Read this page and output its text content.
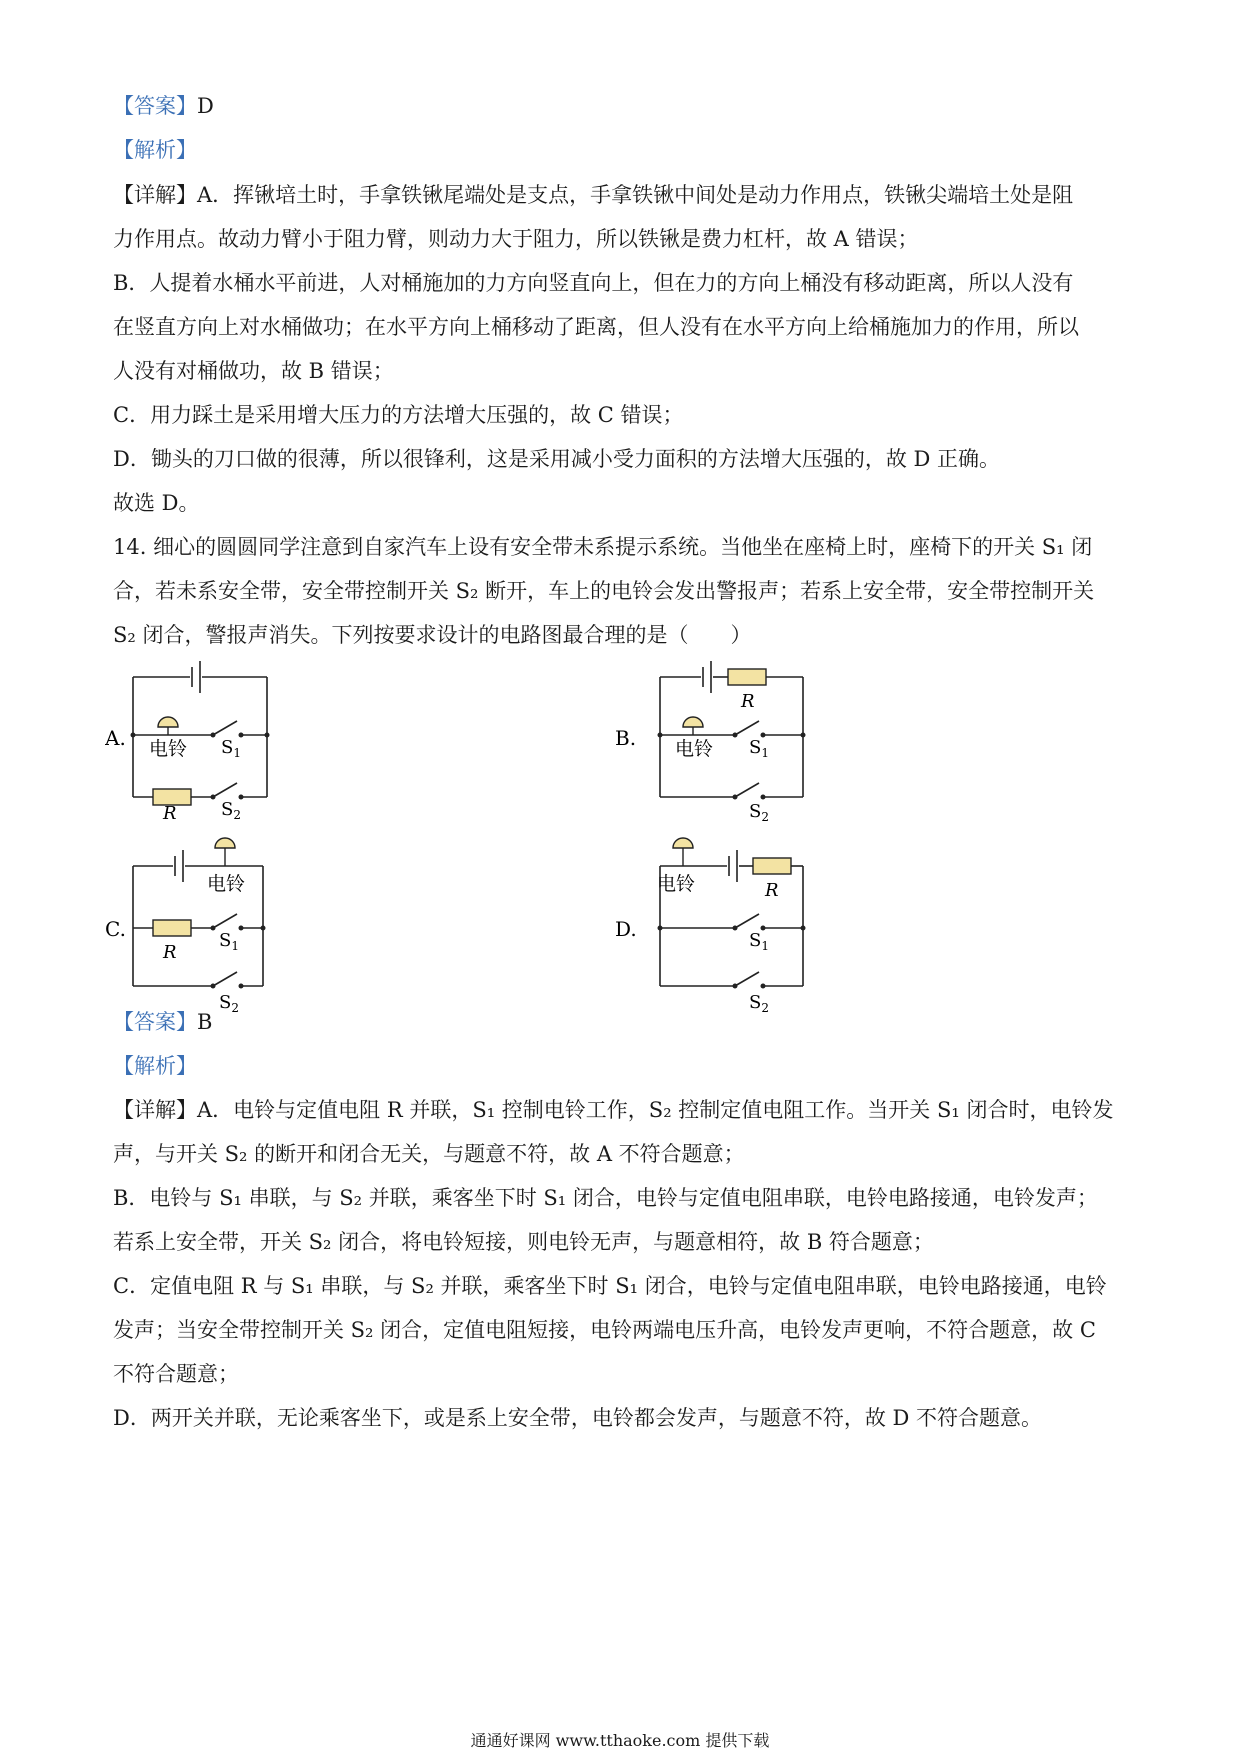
【答案】D
【解析】
【详解】A．挥锹培土时，手拿铁锹尾端处是支点，手拿铁锹中间处是动力作用点，铁锹尖端培土处是阻
力作用点。故动力臂小于阻力臂，则动力大于阻力，所以铁锹是费力杠杆，故 A 错误；
B．人提着水桶水平前进，人对桶施加的力方向竖直向上，但在力的方向上桶没有移动距离，所以人没有
在竖直方向上对水桶做功；在水平方向上桶移动了距离，但人没有在水平方向上给桶施加力的作用，所以
人没有对桶做功，故 B 错误；
C．用力踩土是采用增大压力的方法增大压强的，故 C 错误；
D．锄头的刀口做的很薄，所以很锋利，这是采用减小受力面积的方法增大压强的，故 D 正确。
故选 D。
14. 细心的圆圆同学注意到自家汽车上设有安全带未系提示系统。当他坐在座椅上时，座椅下的开关 S₁ 闭
合，若未系安全带，安全带控制开关 S₂ 断开，车上的电铃会发出警报声；若系上安全带，安全带控制开关
S₂ 闭合，警报声消失。下列按要求设计的电路图最合理的是（　　）
A. 电铃 $S_1$
R $S_2$
B. 电铃 $S_1$
R
$S_2$
C.
电铃
$S_1$
R
$S_2$
D.
电铃
$S_1$
R
$S_2$
【答案】B
【解析】
【详解】A．电铃与定值电阻 R 并联，S₁ 控制电铃工作，S₂ 控制定值电阻工作。当开关 S₁ 闭合时，电铃发
声，与开关 S₂ 的断开和闭合无关，与题意不符，故 A 不符合题意；
B．电铃与 S₁ 串联，与 S₂ 并联，乘客坐下时 S₁ 闭合，电铃与定值电阻串联，电铃电路接通，电铃发声；
若系上安全带，开关 S₂ 闭合，将电铃短接，则电铃无声，与题意相符，故 B 符合题意；
C．定值电阻 R 与 S₁ 串联，与 S₂ 并联，乘客坐下时 S₁ 闭合，电铃与定值电阻串联，电铃电路接通，电铃
发声；当安全带控制开关 S₂ 闭合，定值电阻短接，电铃两端电压升高，电铃发声更响，不符合题意，故 C
不符合题意；
D．两开关并联，无论乘客坐下，或是系上安全带，电铃都会发声，与题意不符，故 D 不符合题意。
通通好课网 www.tthaoke.com 提供下载
